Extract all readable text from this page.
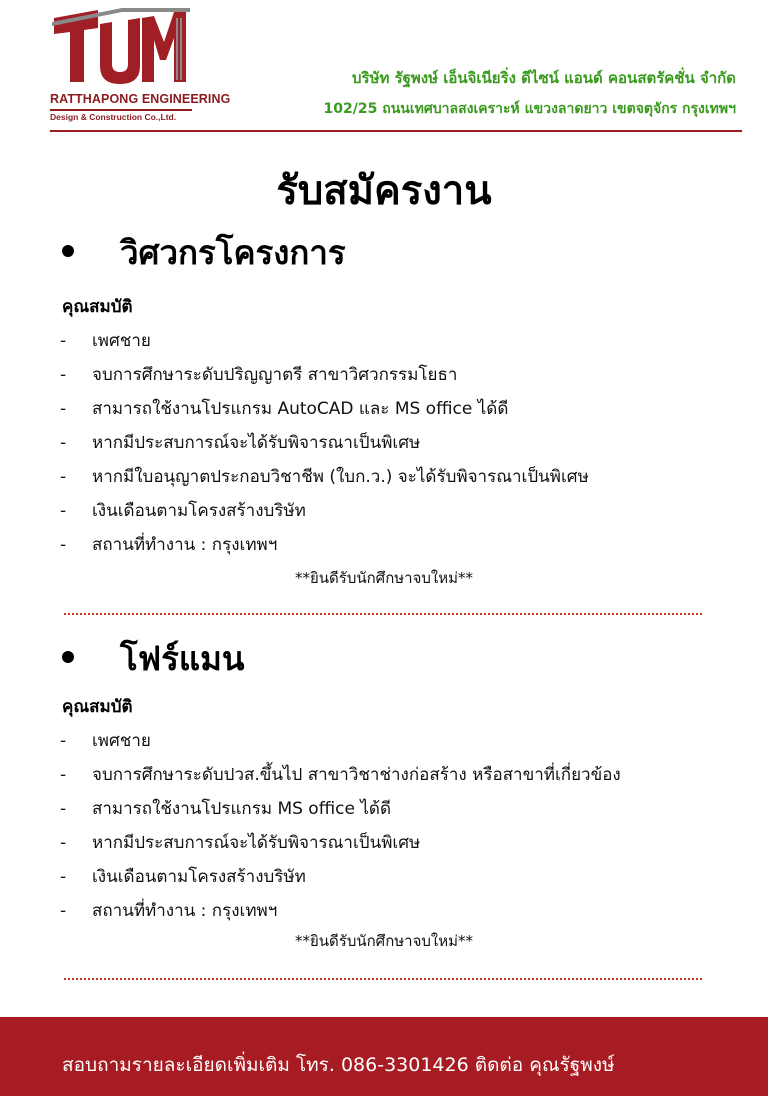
RATTHAPONG ENGINEERING
Design & Construction Co.,Ltd.
บริษัท รัฐพงษ์ เอ็นจิเนียริ่ง ดีไซน์ แอนด์ คอนสตรัคชั่น จำกัด
102/25 ถนนเทศบาลสงเคราะห์ แขวงลาดยาว เขตจตุจักร กรุงเทพฯ
รับสมัครงาน
วิศวกรโครงการ
คุณสมบัติ
- เพศชาย
- จบการศึกษาระดับปริญญาตรี สาขาวิศวกรรมโยธา
- สามารถใช้งานโปรแกรม AutoCAD และ MS office ได้ดี
- หากมีประสบการณ์จะได้รับพิจารณาเป็นพิเศษ
- หากมีใบอนุญาตประกอบวิชาชีพ (ใบก.ว.) จะได้รับพิจารณาเป็นพิเศษ
- เงินเดือนตามโครงสร้างบริษัท
- สถานที่ทำงาน : กรุงเทพฯ
**ยินดีรับนักศึกษาจบใหม่**
โฟร์แมน
คุณสมบัติ
- เพศชาย
- จบการศึกษาระดับปวส.ขึ้นไป สาขาวิชาช่างก่อสร้าง หรือสาขาที่เกี่ยวข้อง
- สามารถใช้งานโปรแกรม MS office ได้ดี
- หากมีประสบการณ์จะได้รับพิจารณาเป็นพิเศษ
- เงินเดือนตามโครงสร้างบริษัท
- สถานที่ทำงาน : กรุงเทพฯ
**ยินดีรับนักศึกษาจบใหม่**
สอบถามรายละเอียดเพิ่มเติม โทร. 086-3301426 ติดต่อ คุณรัฐพงษ์
